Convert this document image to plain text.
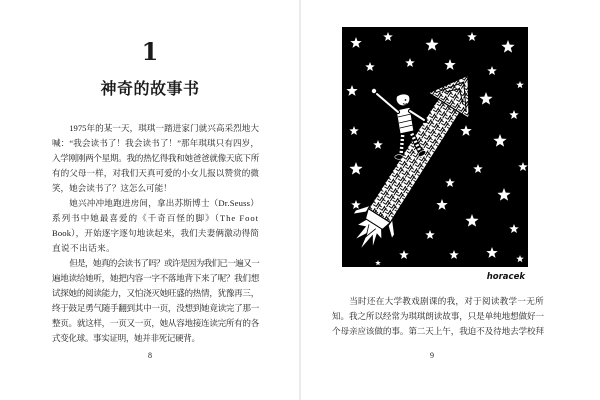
1
神奇的故事书
1975年的某一天，琪琪一踏进家门就兴高采烈地大
喊：“我会读书了！我会读书了！”那年琪琪只有四岁，
入学刚刚两个星期。我的热忆得我和她爸爸就像天底下所
有的父母一样，对我们天真可爱的小女儿报以赞赏的微
笑，她会读书了？这怎么可能！
她兴冲冲地跑进房间，拿出苏斯博士（Dr.Seuss）
系列书中她最喜爱的《千奇百怪的脚》（The Foot
Book），开始逐字逐句地读起来，我们夫妻俩激动得简
直说不出话来。
但是，她真的会读书了吗？或许是因为我们已一遍又一
遍地读给她听，她把内容一字不落地背下来了呢？我们想
试探她的阅读能力，又怕浇灭她旺盛的热情，犹豫再三，
终于鼓足勇气随手翻到其中一页，没想到她竟读完了那一
整页。就这样，一页又一页，她从容地接连读完所有的各
式变化球。事实证明，她并非死记硬背。
8
horacek
当时还在大学教戏剧课的我，对于阅读教学一无所
知。我之所以经常为琪琪朗读故事，只是单纯地想做好一
个母亲应该做的事。第二天上午，我迫不及待地去学校拜
9
